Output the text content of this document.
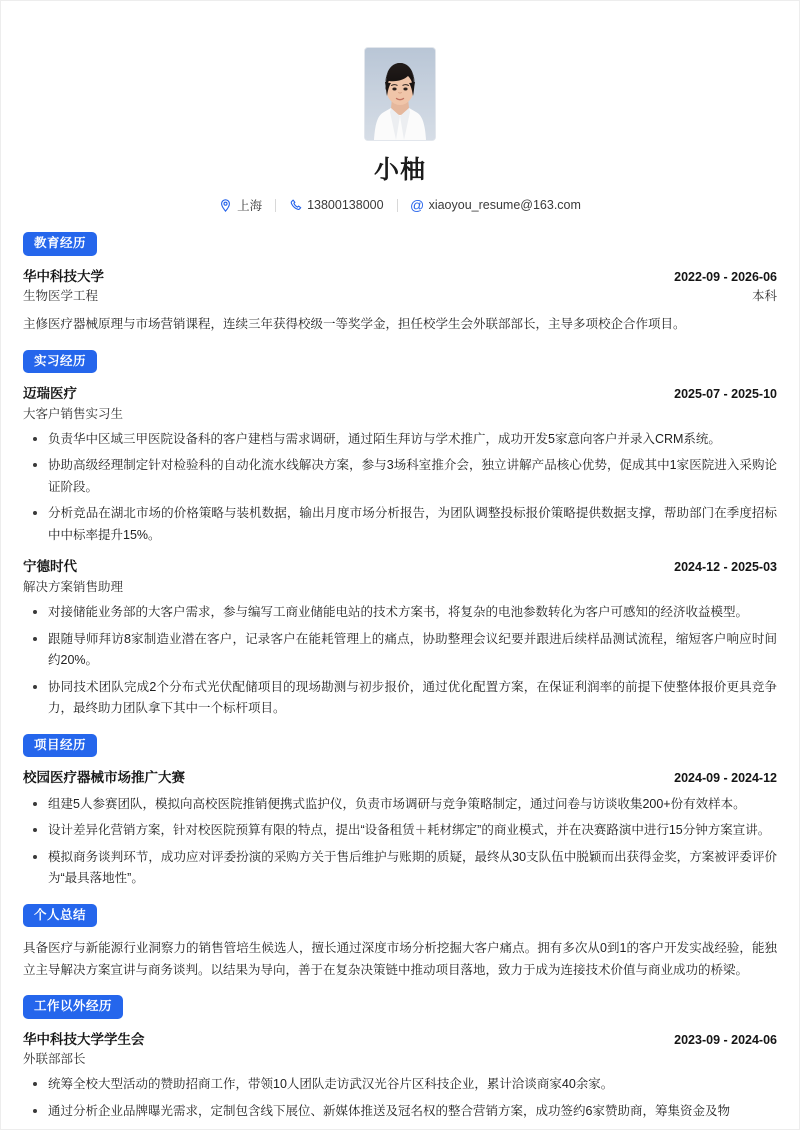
小柚
上海	13800138000 @ xiaoyou_resume@163.com
教育经历
华中科技大学	2022-09 - 2026-06
生物医学工程	本科
主修医疗器械原理与市场营销课程，连续三年获得校级一等奖学金，担任校学生会外联部部长，主导多项校企合作项目。
实习经历
迈瑞医疗	2025-07 - 2025-10
大客户销售实习生
负责华中区域三甲医院设备科的客户建档与需求调研，通过陌生拜访与学术推广，成功开发5家意向客户并录入CRM系统。
协助高级经理制定针对检验科的自动化流水线解决方案，参与3场科室推介会，独立讲解产品核心优势，促成其中1家医院进入采购论证阶段。
分析竞品在湖北市场的价格策略与装机数据，输出月度市场分析报告，为团队调整投标报价策略提供数据支撑，帮助部门在季度招标中中标率提升15%。
宁德时代	2024-12 - 2025-03
解决方案销售助理
对接储能业务部的大客户需求，参与编写工商业储能电站的技术方案书，将复杂的电池参数转化为客户可感知的经济收益模型。
跟随导师拜访8家制造业潜在客户，记录客户在能耗管理上的痛点，协助整理会议纪要并跟进后续样品测试流程，缩短客户响应时间约20%。
协同技术团队完成2个分布式光伏配储项目的现场勘测与初步报价，通过优化配置方案，在保证利润率的前提下使整体报价更具竞争力，最终助力团队拿下其中一个标杆项目。
项目经历
校园医疗器械市场推广大赛	2024-09 - 2024-12
组建5人参赛团队，模拟向高校医院推销便携式监护仪，负责市场调研与竞争策略制定，通过问卷与访谈收集200+份有效样本。
设计差异化营销方案，针对校医院预算有限的特点，提出“设备租赁＋耗材绑定”的商业模式，并在决赛路演中进行15分钟方案宣讲。
模拟商务谈判环节，成功应对评委扮演的采购方关于售后维护与账期的质疑，最终从30支队伍中脱颖而出获得金奖，方案被评委评价为“最具落地性”。
个人总结
具备医疗与新能源行业洞察力的销售管培生候选人，擅长通过深度市场分析挖掘大客户痛点。拥有多次从0到1的客户开发实战经验，能独立主导解决方案宣讲与商务谈判。以结果为导向，善于在复杂决策链中推动项目落地，致力于成为连接技术价值与商业成功的桥梁。
工作以外经历
华中科技大学学生会	2023-09 - 2024-06
外联部部长
统筹全校大型活动的赞助招商工作，带领10人团队走访武汉光谷片区科技企业，累计洽谈商家40余家。
通过分析企业品牌曝光需求，定制包含线下展位、新媒体推送及冠名权的整合营销方案，成功签约6家赞助商，筹集资金及物
